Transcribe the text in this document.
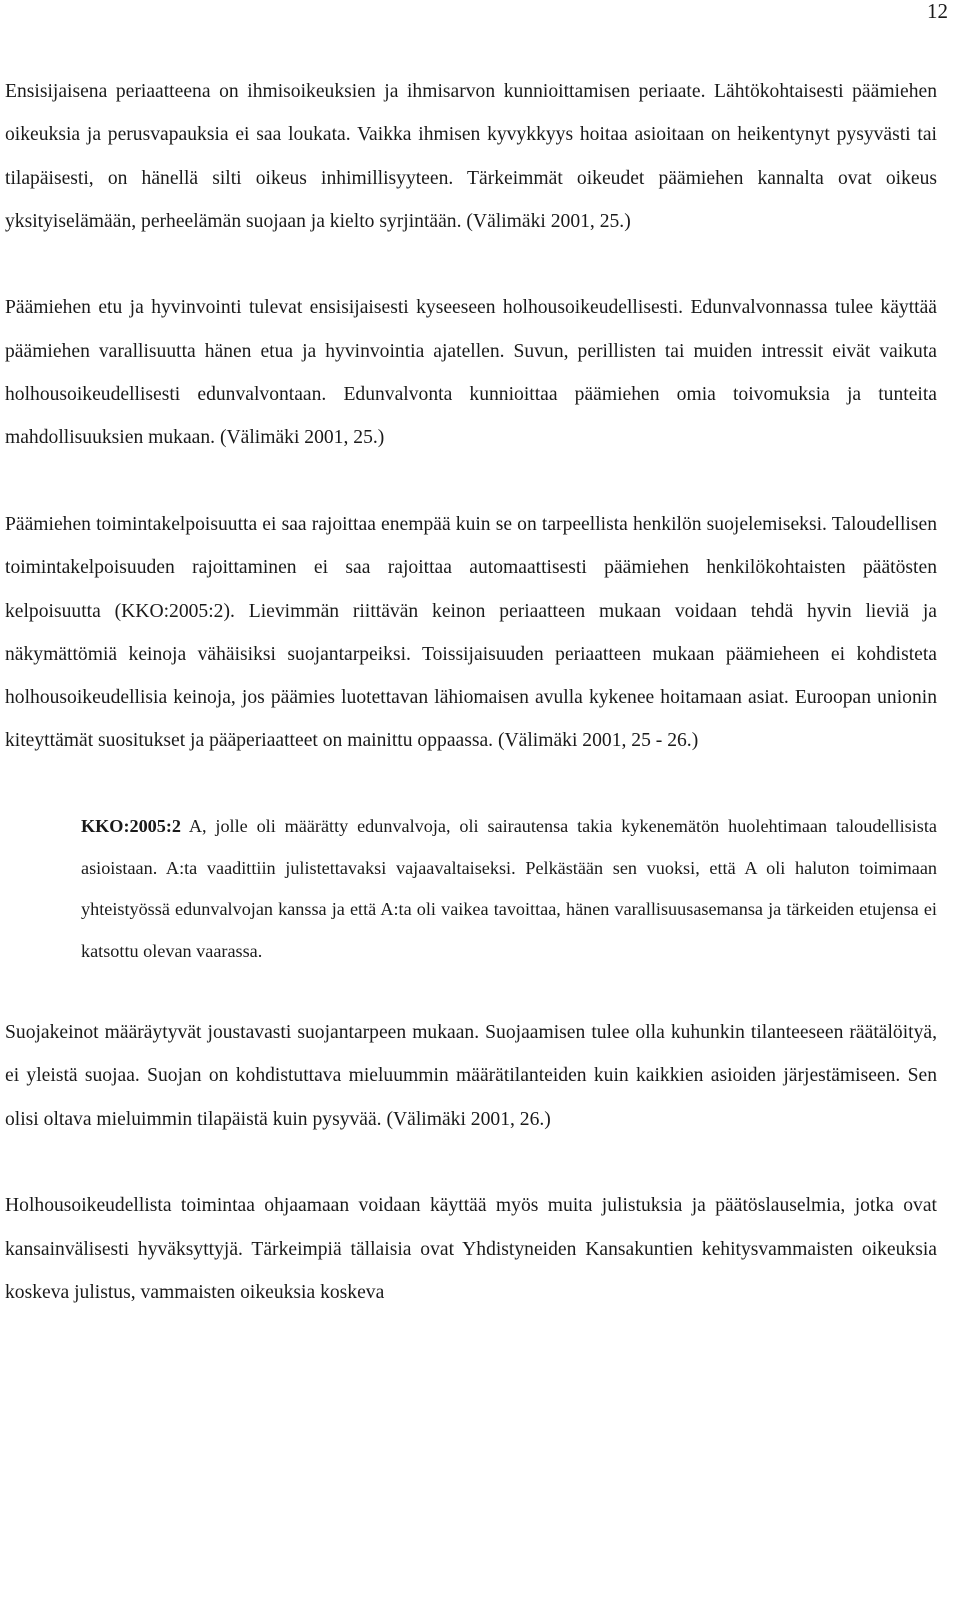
12

Ensisijaisena periaatteena on ihmisoikeuksien ja ihmisarvon kunnioittamisen periaate. Lähtökohtaisesti päämiehen oikeuksia ja perusvapauksia ei saa loukata. Vaikka ihmisen kyvykkyys hoitaa asioitaan on heikentynyt pysyvästi tai tilapäisesti, on hänellä silti oikeus inhimillisyyteen. Tärkeimmät oikeudet päämiehen kannalta ovat oikeus yksityiselämään, perheelämän suojaan ja kielto syrjintään. (Välimäki 2001, 25.)

Päämiehen etu ja hyvinvointi tulevat ensisijaisesti kyseeseen holhousoikeudellisesti. Edunvalvonnassa tulee käyttää päämiehen varallisuutta hänen etua ja hyvinvointia ajatellen. Suvun, perillisten tai muiden intressit eivät vaikuta holhousoikeudellisesti edunvalvontaan. Edunvalvonta kunnioittaa päämiehen omia toivomuksia ja tunteita mahdollisuuksien mukaan. (Välimäki 2001, 25.)

Päämiehen toimintakelpoisuutta ei saa rajoittaa enempää kuin se on tarpeellista henkilön suojelemiseksi. Taloudellisen toimintakelpoisuuden rajoittaminen ei saa rajoittaa automaattisesti päämiehen henkilökohtaisten päätösten kelpoisuutta (KKO:2005:2). Lievimmän riittävän keinon periaatteen mukaan voidaan tehdä hyvin lieviä ja näkymättömiä keinoja vähäisiksi suojantarpeiksi. Toissijaisuuden periaatteen mukaan päämieheen ei kohdisteta holhousoikeudellisia keinoja, jos päämies luotettavan lähiomaisen avulla kykenee hoitamaan asiat. Euroopan unionin kiteyttämät suositukset ja pääperiaatteet on mainittu oppaassa. (Välimäki 2001, 25 - 26.)

KKO:2005:2 A, jolle oli määrätty edunvalvoja, oli sairautensa takia kykenemätön huolehtimaan taloudellisista asioistaan. A:ta vaadittiin julistettavaksi vajaavaltaiseksi. Pelkästään sen vuoksi, että A oli haluton toimimaan yhteistyössä edunvalvojan kanssa ja että A:ta oli vaikea tavoittaa, hänen varallisuusasemansa ja tärkeiden etujensa ei katsottu olevan vaarassa.

Suojakeinot määräytyvät joustavasti suojantarpeen mukaan. Suojaamisen tulee olla kuhunkin tilanteeseen räätälöityä, ei yleistä suojaa. Suojan on kohdistuttava mieluummin määrätilanteiden kuin kaikkien asioiden järjestämiseen. Sen olisi oltava mieluimmin tilapäistä kuin pysyvää. (Välimäki 2001, 26.)

Holhousoikeudellista toimintaa ohjaamaan voidaan käyttää myös muita julistuksia ja päätöslauselmia, jotka ovat kansainvälisesti hyväksyttyjä. Tärkeimpiä tällaisia ovat Yhdistyneiden Kansakuntien kehitysvammaisten oikeuksia koskeva julistus, vammaisten oikeuksia koskeva
